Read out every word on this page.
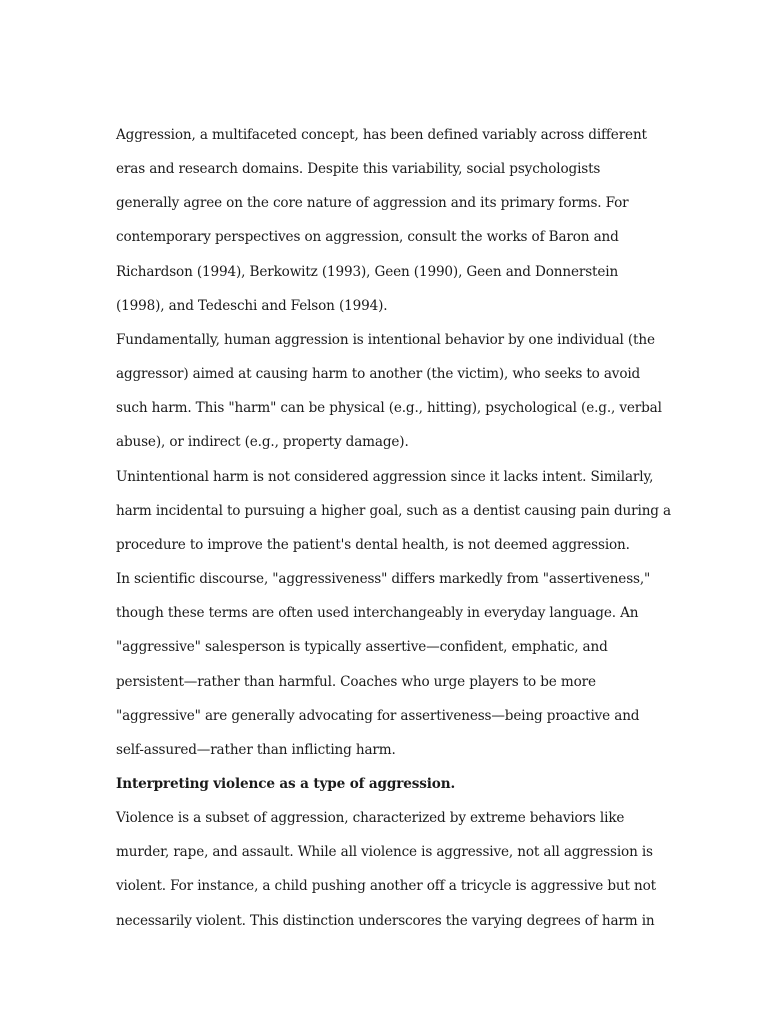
Aggression, a multifaceted concept, has been defined variably across different
eras and research domains. Despite this variability, social psychologists
generally agree on the core nature of aggression and its primary forms. For
contemporary perspectives on aggression, consult the works of Baron and
Richardson (1994), Berkowitz (1993), Geen (1990), Geen and Donnerstein
(1998), and Tedeschi and Felson (1994).
Fundamentally, human aggression is intentional behavior by one individual (the
aggressor) aimed at causing harm to another (the victim), who seeks to avoid
such harm. This "harm" can be physical (e.g., hitting), psychological (e.g., verbal
abuse), or indirect (e.g., property damage).
Unintentional harm is not considered aggression since it lacks intent. Similarly,
harm incidental to pursuing a higher goal, such as a dentist causing pain during a
procedure to improve the patient's dental health, is not deemed aggression.
In scientific discourse, "aggressiveness" differs markedly from "assertiveness,"
though these terms are often used interchangeably in everyday language. An
"aggressive" salesperson is typically assertive—confident, emphatic, and
persistent—rather than harmful. Coaches who urge players to be more
"aggressive" are generally advocating for assertiveness—being proactive and
self-assured—rather than inflicting harm.
Interpreting violence as a type of aggression.
Violence is a subset of aggression, characterized by extreme behaviors like
murder, rape, and assault. While all violence is aggressive, not all aggression is
violent. For instance, a child pushing another off a tricycle is aggressive but not
necessarily violent. This distinction underscores the varying degrees of harm in
